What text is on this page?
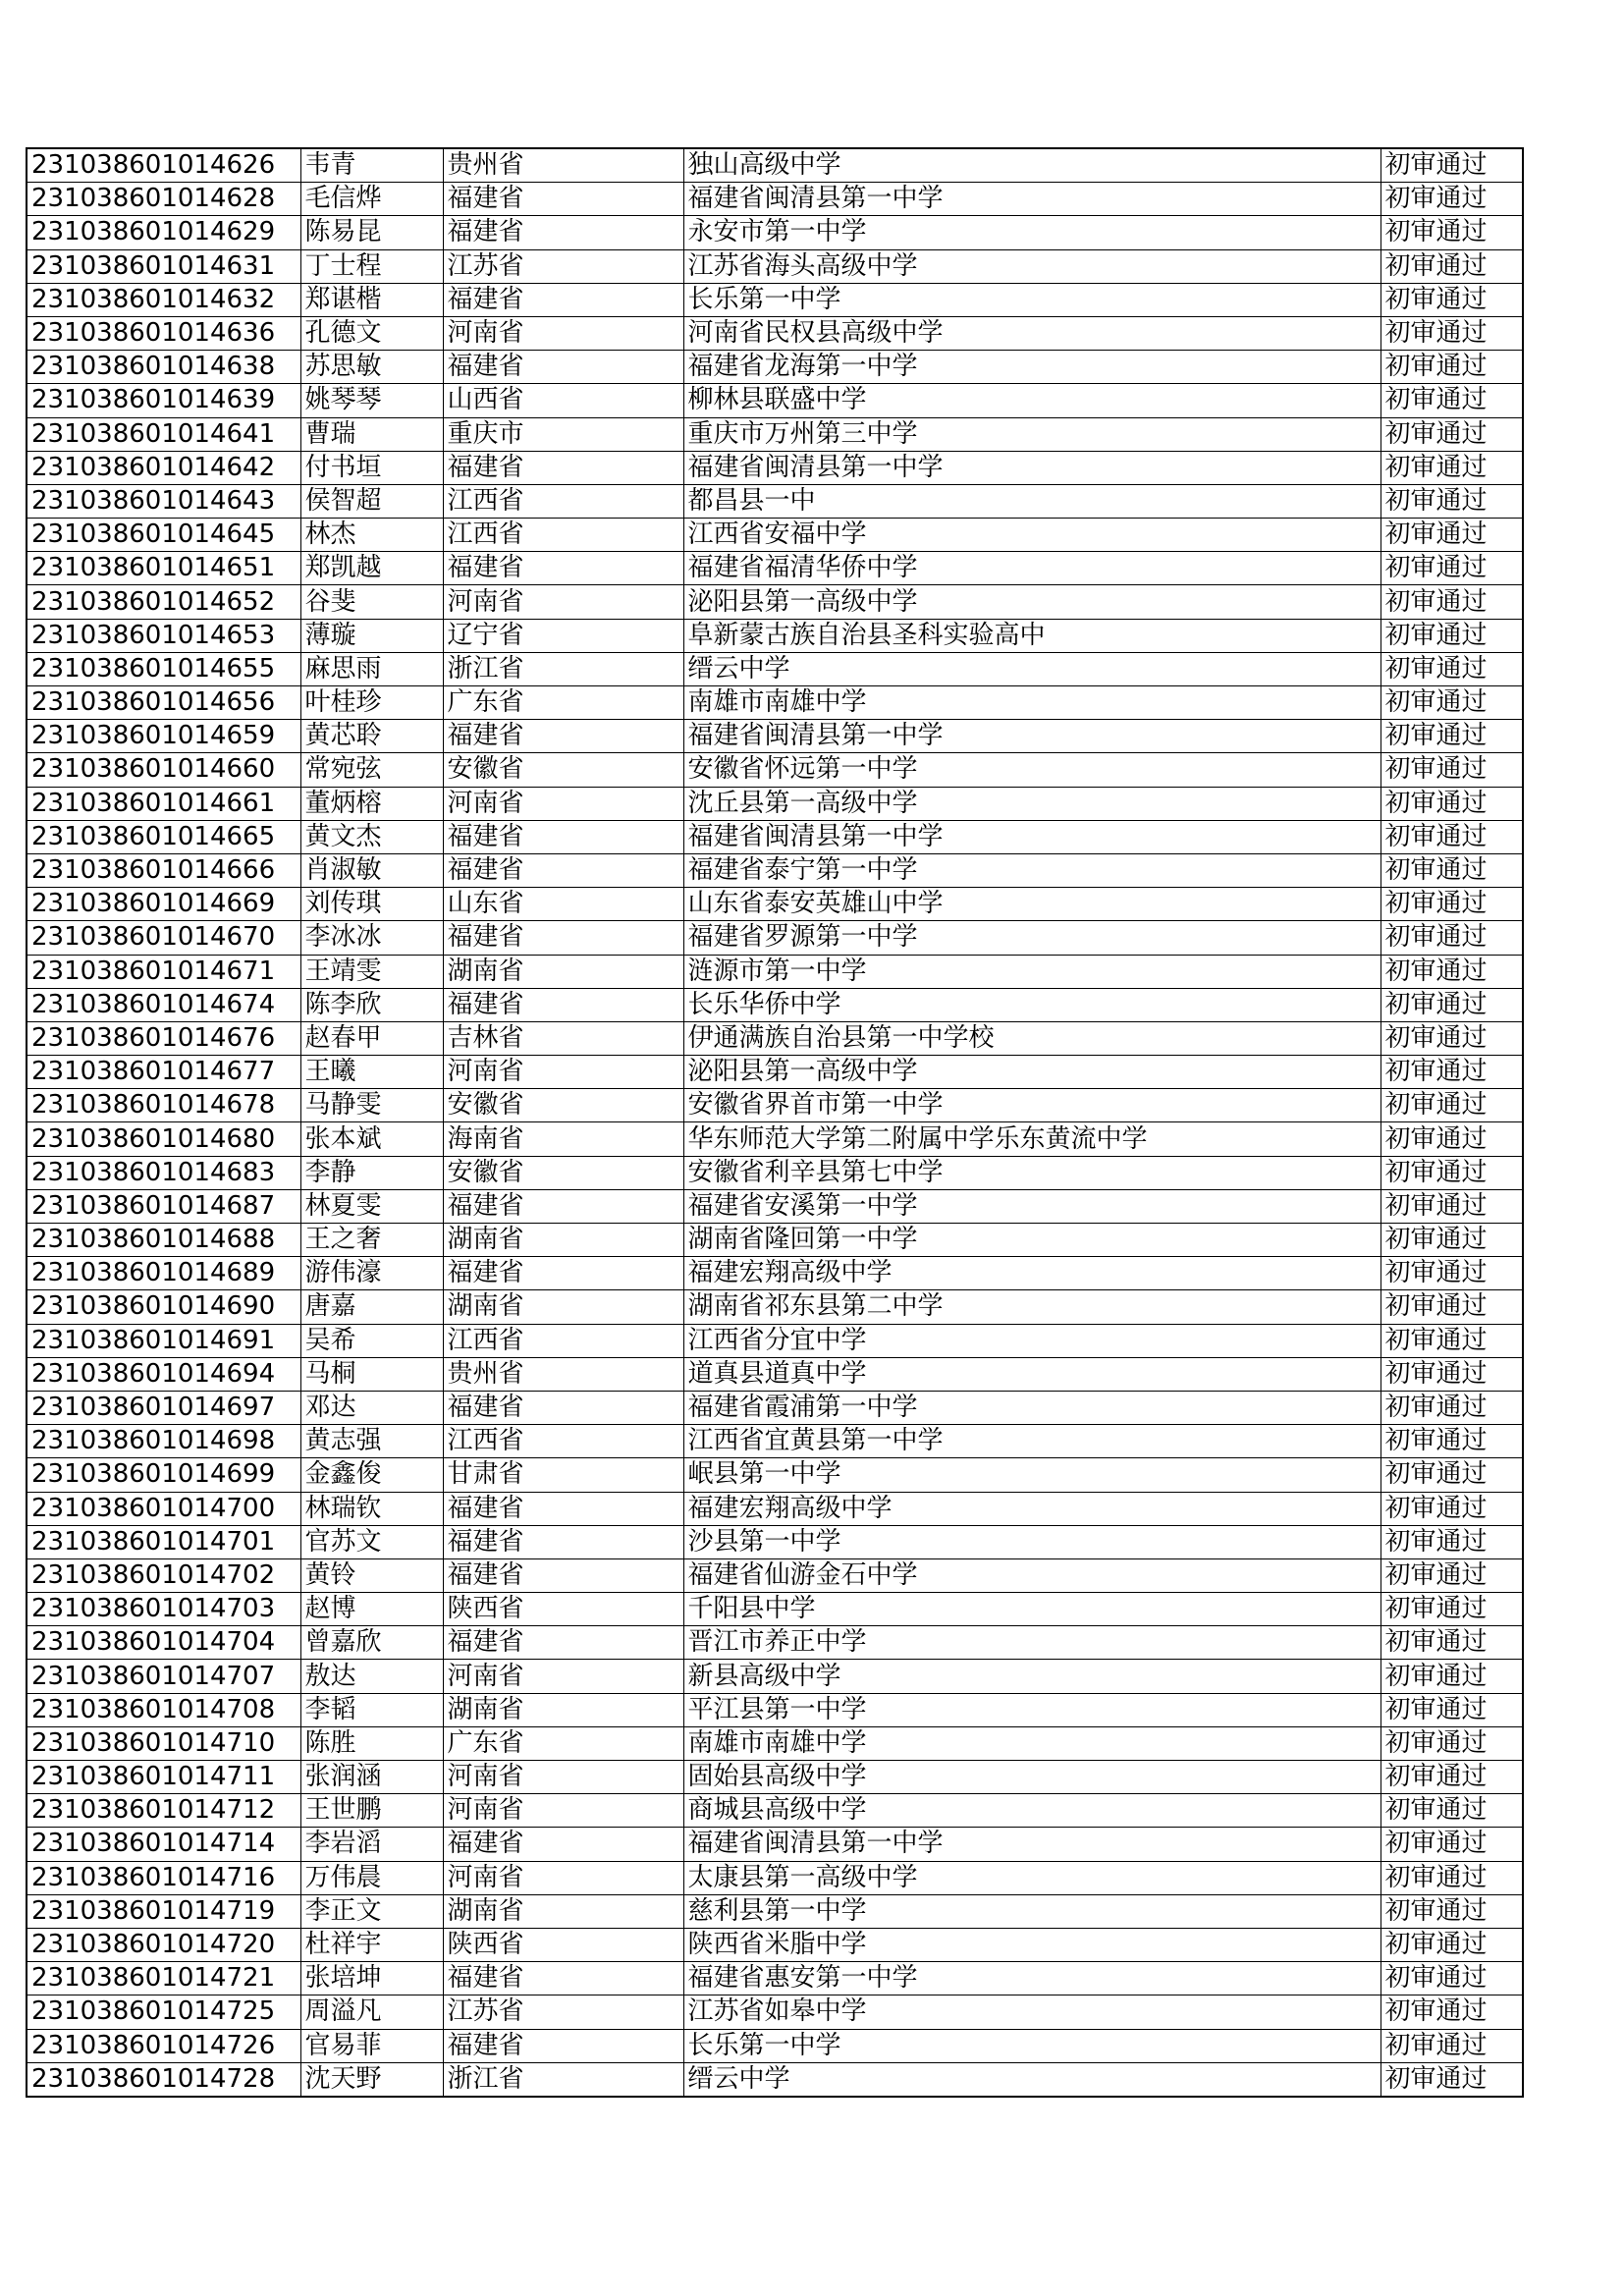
231038601014626	韦青	贵州省	独山高级中学	初审通过
231038601014628	毛信烨	福建省	福建省闽清县第一中学	初审通过
231038601014629	陈易昆	福建省	永安市第一中学	初审通过
231038601014631	丁士程	江苏省	江苏省海头高级中学	初审通过
231038601014632	郑谌楷	福建省	长乐第一中学	初审通过
231038601014636	孔德文	河南省	河南省民权县高级中学	初审通过
231038601014638	苏思敏	福建省	福建省龙海第一中学	初审通过
231038601014639	姚琴琴	山西省	柳林县联盛中学	初审通过
231038601014641	曹瑞	重庆市	重庆市万州第三中学	初审通过
231038601014642	付书垣	福建省	福建省闽清县第一中学	初审通过
231038601014643	侯智超	江西省	都昌县一中	初审通过
231038601014645	林杰	江西省	江西省安福中学	初审通过
231038601014651	郑凯越	福建省	福建省福清华侨中学	初审通过
231038601014652	谷斐	河南省	泌阳县第一高级中学	初审通过
231038601014653	薄璇	辽宁省	阜新蒙古族自治县圣科实验高中	初审通过
231038601014655	麻思雨	浙江省	缙云中学	初审通过
231038601014656	叶桂珍	广东省	南雄市南雄中学	初审通过
231038601014659	黄芯聆	福建省	福建省闽清县第一中学	初审通过
231038601014660	常宛弦	安徽省	安徽省怀远第一中学	初审通过
231038601014661	董炳榕	河南省	沈丘县第一高级中学	初审通过
231038601014665	黄文杰	福建省	福建省闽清县第一中学	初审通过
231038601014666	肖淑敏	福建省	福建省泰宁第一中学	初审通过
231038601014669	刘传琪	山东省	山东省泰安英雄山中学	初审通过
231038601014670	李冰冰	福建省	福建省罗源第一中学	初审通过
231038601014671	王靖雯	湖南省	涟源市第一中学	初审通过
231038601014674	陈李欣	福建省	长乐华侨中学	初审通过
231038601014676	赵春甲	吉林省	伊通满族自治县第一中学校	初审通过
231038601014677	王曦	河南省	泌阳县第一高级中学	初审通过
231038601014678	马静雯	安徽省	安徽省界首市第一中学	初审通过
231038601014680	张本斌	海南省	华东师范大学第二附属中学乐东黄流中学	初审通过
231038601014683	李静	安徽省	安徽省利辛县第七中学	初审通过
231038601014687	林夏雯	福建省	福建省安溪第一中学	初审通过
231038601014688	王之奢	湖南省	湖南省隆回第一中学	初审通过
231038601014689	游伟濠	福建省	福建宏翔高级中学	初审通过
231038601014690	唐嘉	湖南省	湖南省祁东县第二中学	初审通过
231038601014691	吴希	江西省	江西省分宜中学	初审通过
231038601014694	马桐	贵州省	道真县道真中学	初审通过
231038601014697	邓达	福建省	福建省霞浦第一中学	初审通过
231038601014698	黄志强	江西省	江西省宜黄县第一中学	初审通过
231038601014699	金鑫俊	甘肃省	岷县第一中学	初审通过
231038601014700	林瑞钦	福建省	福建宏翔高级中学	初审通过
231038601014701	官苏文	福建省	沙县第一中学	初审通过
231038601014702	黄铃	福建省	福建省仙游金石中学	初审通过
231038601014703	赵博	陕西省	千阳县中学	初审通过
231038601014704	曾嘉欣	福建省	晋江市养正中学	初审通过
231038601014707	敖达	河南省	新县高级中学	初审通过
231038601014708	李韬	湖南省	平江县第一中学	初审通过
231038601014710	陈胜	广东省	南雄市南雄中学	初审通过
231038601014711	张润涵	河南省	固始县高级中学	初审通过
231038601014712	王世鹏	河南省	商城县高级中学	初审通过
231038601014714	李岩滔	福建省	福建省闽清县第一中学	初审通过
231038601014716	万伟晨	河南省	太康县第一高级中学	初审通过
231038601014719	李正文	湖南省	慈利县第一中学	初审通过
231038601014720	杜祥宇	陕西省	陕西省米脂中学	初审通过
231038601014721	张培坤	福建省	福建省惠安第一中学	初审通过
231038601014725	周溢凡	江苏省	江苏省如皋中学	初审通过
231038601014726	官易菲	福建省	长乐第一中学	初审通过
231038601014728	沈天野	浙江省	缙云中学	初审通过
